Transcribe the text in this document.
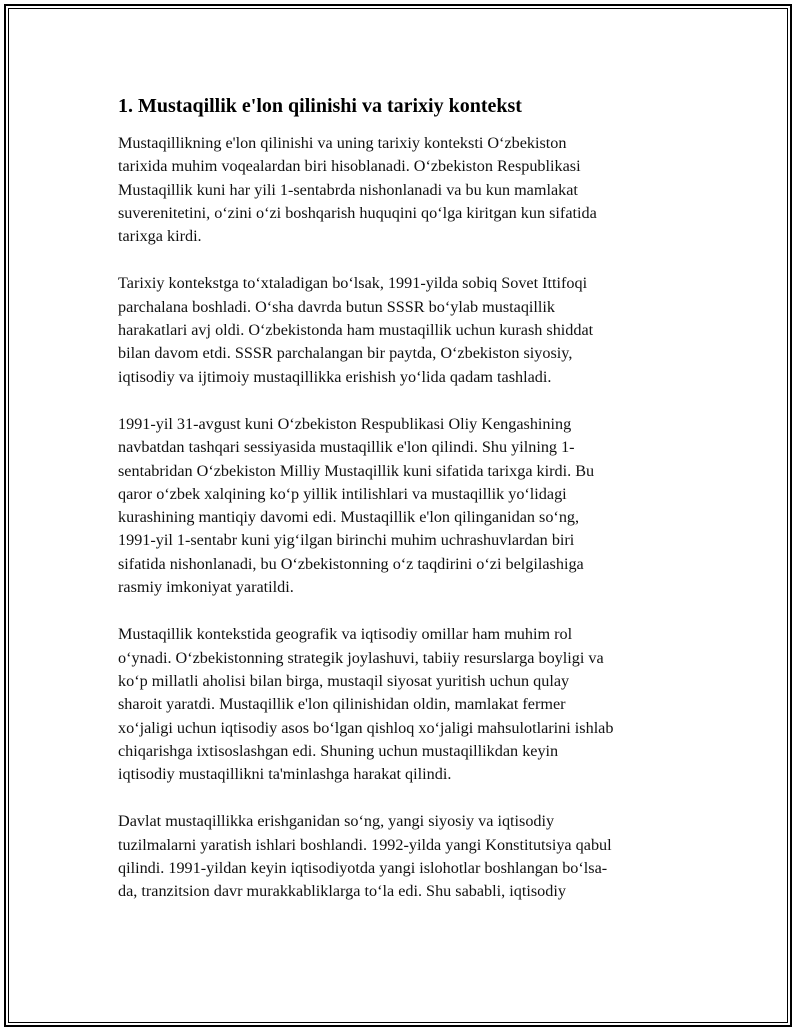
1. Mustaqillik e'lon qilinishi va tarixiy kontekst

Mustaqillikning e'lon qilinishi va uning tarixiy konteksti O‘zbekiston
tarixida muhim voqealardan biri hisoblanadi. O‘zbekiston Respublikasi
Mustaqillik kuni har yili 1-sentabrda nishonlanadi va bu kun mamlakat
suverenitetini, o‘zini o‘zi boshqarish huquqini qo‘lga kiritgan kun sifatida
tarixga kirdi.

Tarixiy kontekstga to‘xtaladigan bo‘lsak, 1991-yilda sobiq Sovet Ittifoqi
parchalana boshladi. O‘sha davrda butun SSSR bo‘ylab mustaqillik
harakatlari avj oldi. O‘zbekistonda ham mustaqillik uchun kurash shiddat
bilan davom etdi. SSSR parchalangan bir paytda, O‘zbekiston siyosiy,
iqtisodiy va ijtimoiy mustaqillikka erishish yo‘lida qadam tashladi.

1991-yil 31-avgust kuni O‘zbekiston Respublikasi Oliy Kengashining
navbatdan tashqari sessiyasida mustaqillik e'lon qilindi. Shu yilning 1-
sentabridan O‘zbekiston Milliy Mustaqillik kuni sifatida tarixga kirdi. Bu
qaror o‘zbek xalqining ko‘p yillik intilishlari va mustaqillik yo‘lidagi
kurashining mantiqiy davomi edi. Mustaqillik e'lon qilinganidan so‘ng,
1991-yil 1-sentabr kuni yig‘ilgan birinchi muhim uchrashuvlardan biri
sifatida nishonlanadi, bu O‘zbekistonning o‘z taqdirini o‘zi belgilashiga
rasmiy imkoniyat yaratildi.

Mustaqillik kontekstida geografik va iqtisodiy omillar ham muhim rol
o‘ynadi. O‘zbekistonning strategik joylashuvi, tabiiy resurslarga boyligi va
ko‘p millatli aholisi bilan birga, mustaqil siyosat yuritish uchun qulay
sharoit yaratdi. Mustaqillik e'lon qilinishidan oldin, mamlakat fermer
xo‘jaligi uchun iqtisodiy asos bo‘lgan qishloq xo‘jaligi mahsulotlarini ishlab
chiqarishga ixtisoslashgan edi. Shuning uchun mustaqillikdan keyin
iqtisodiy mustaqillikni ta'minlashga harakat qilindi.

Davlat mustaqillikka erishganidan so‘ng, yangi siyosiy va iqtisodiy
tuzilmalarni yaratish ishlari boshlandi. 1992-yilda yangi Konstitutsiya qabul
qilindi. 1991-yildan keyin iqtisodiyotda yangi islohotlar boshlangan bo‘lsa-
da, tranzitsion davr murakkabliklarga to‘la edi. Shu sababli, iqtisodiy
